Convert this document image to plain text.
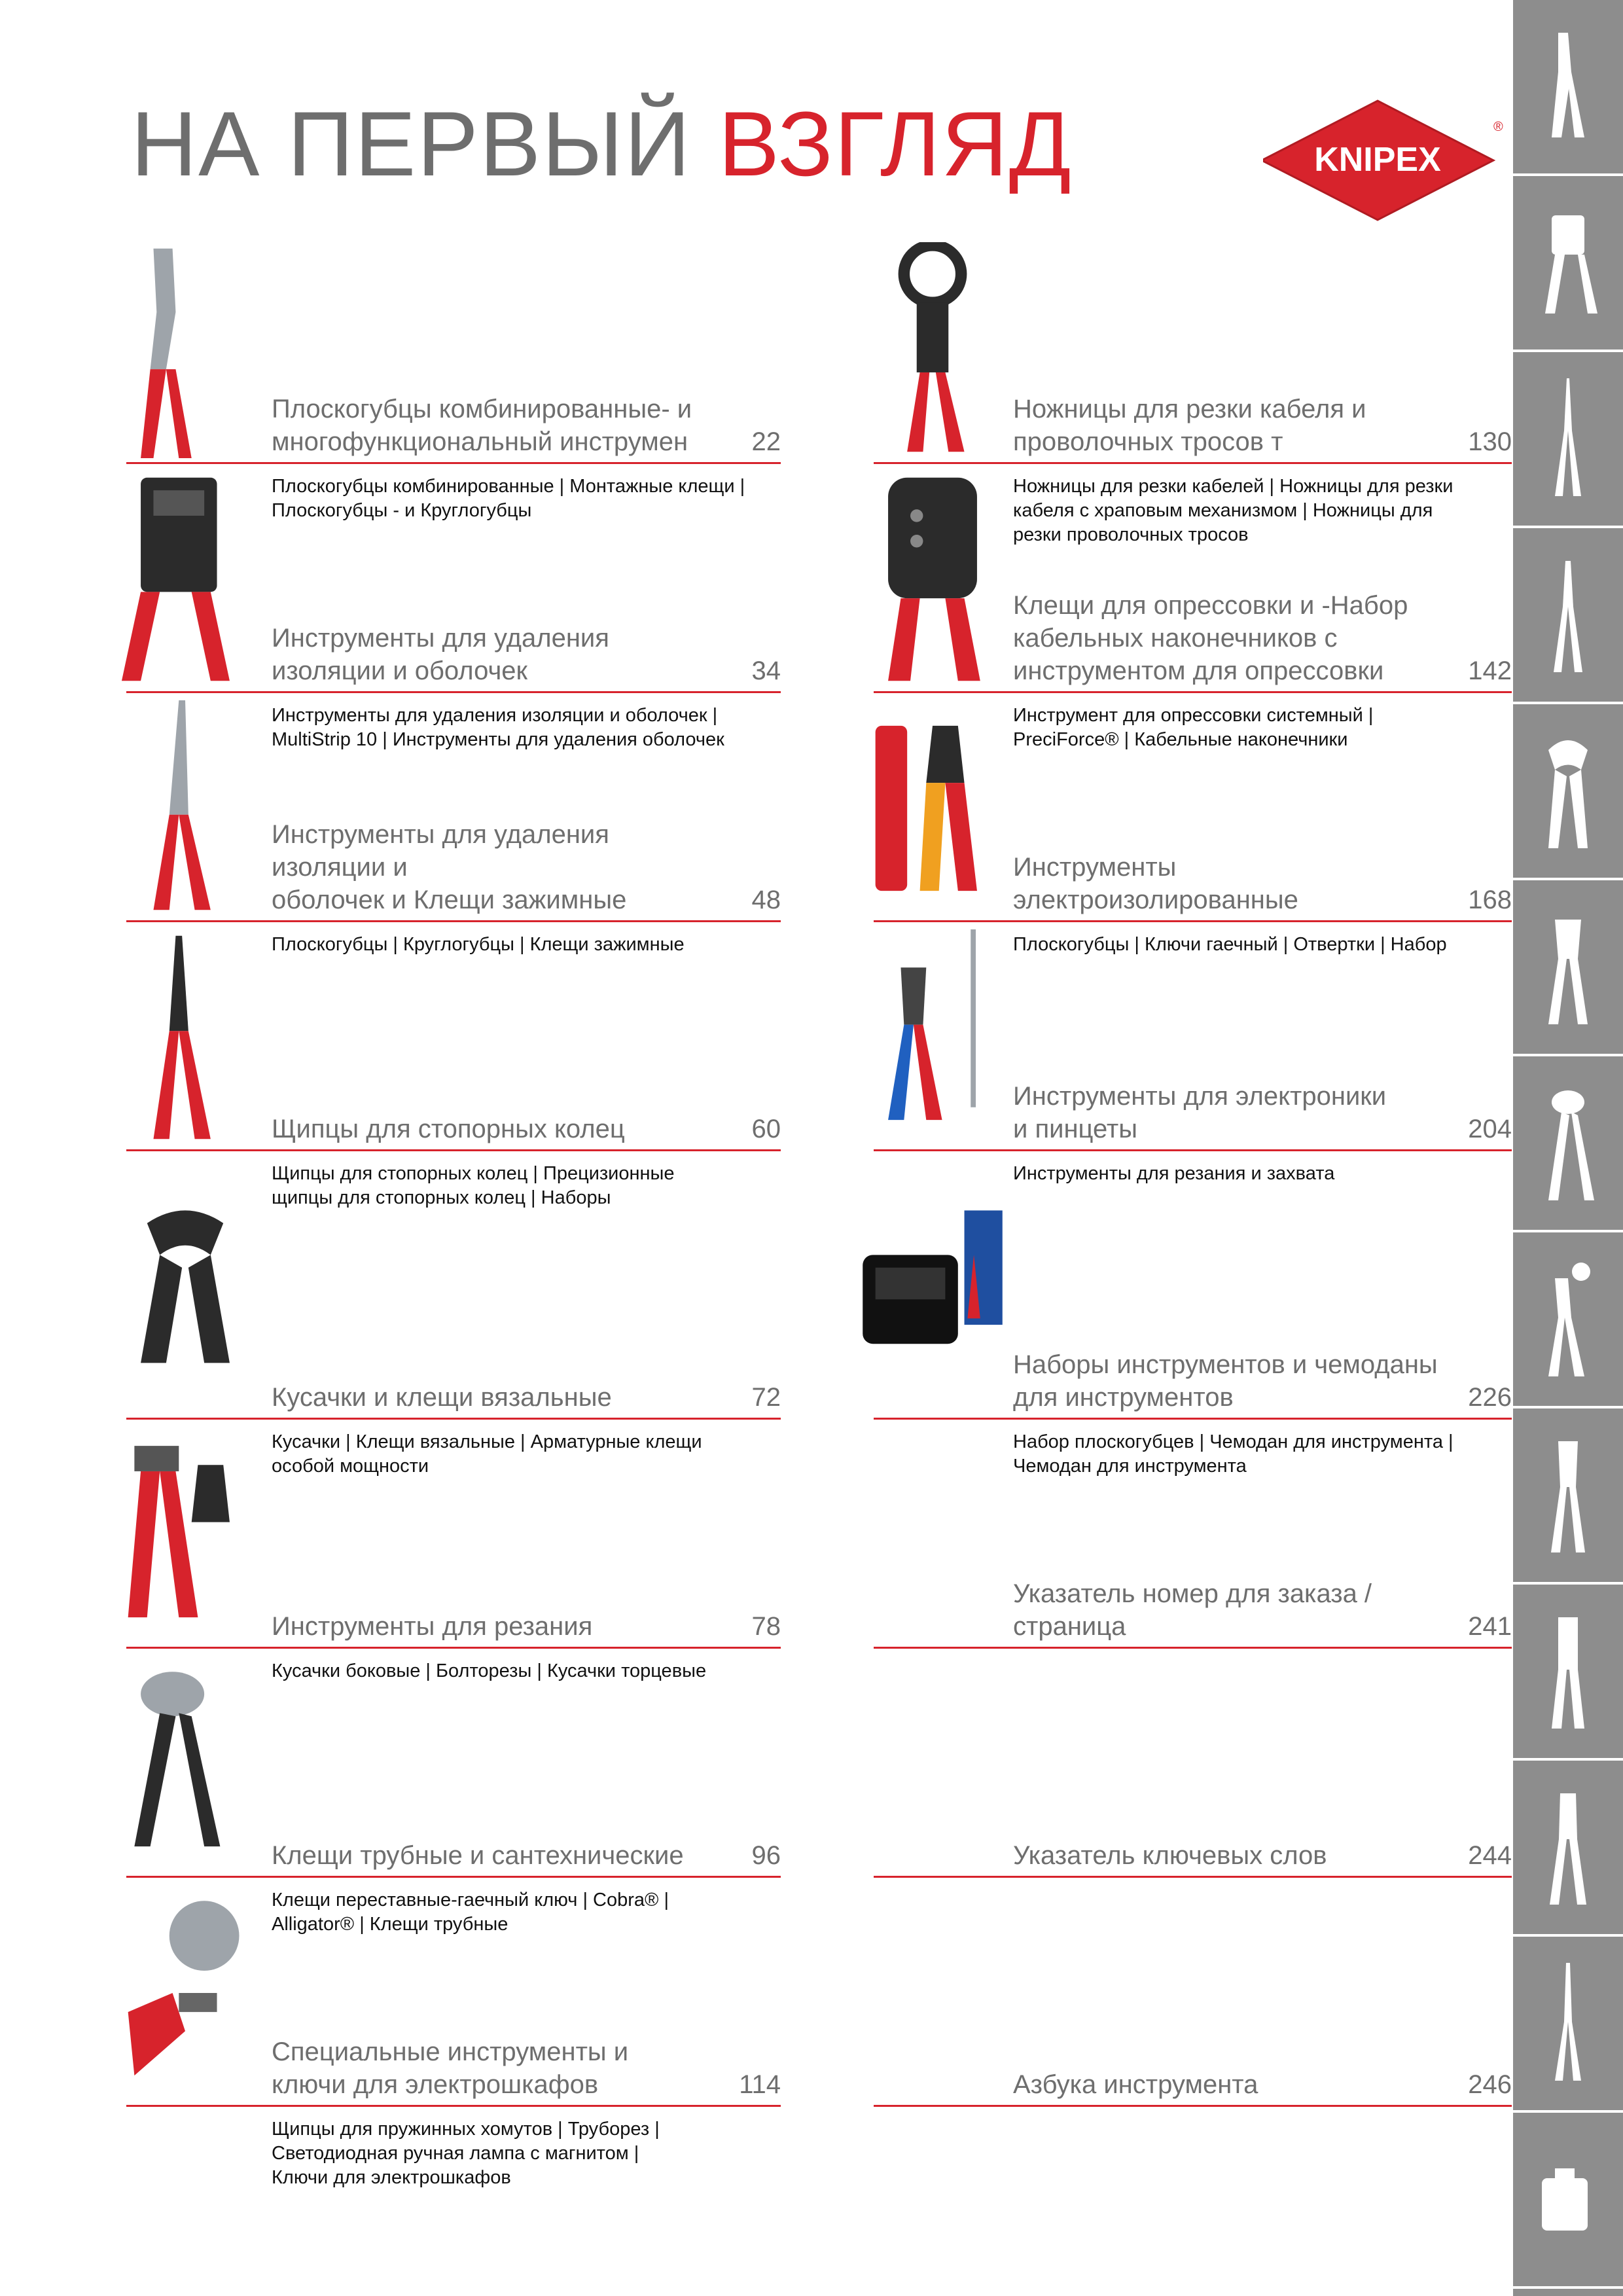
НА ПЕРВЫЙ ВЗГЛЯД	KNIPEX
®
Плоскогубцы комбинированные- и
многофункциональный инструмен	22
Плоскогубцы комбинированные | Монтажные клещи |
Плоскогубцы - и Круглогубцы
Инструменты для удаления
изоляции и оболочек	34
Инструменты для удаления изоляции и оболочек |
MultiStrip 10 | Инструменты для удаления оболочек
Инструменты для удаления изоляции и
оболочек и Клещи зажимные	48
Плоскогубцы | Круглогубцы | Клещи зажимные
Щипцы для стопорных колец	60
Щипцы для стопорных колец | Прецизионные
щипцы для стопорных колец | Наборы
Кусачки и клещи вязальные	72
Кусачки | Клещи вязальные | Арматурные клещи
особой мощности
Инструменты для резания	78
Кусачки боковые | Болторезы | Кусачки торцевые
Клещи трубные и сантехнические	96
Клещи переставные-гаечный ключ | Cobra® |
Alligator® | Клещи трубные
Специальные инструменты и
ключи для электрошкафов	114
Щипцы для пружинных хомутов | Труборез |
Светодиодная ручная лампа с магнитом |
Ключи для электрошкафов
Ножницы для резки кабеля и
проволочных тросов т	130
Ножницы для резки кабелей | Ножницы для резки
кабеля с храповым механизмом | Ножницы для
резки проволочных тросов
Клещи для опрессовки и -Набор
кабельных наконечников с
инструментом для опрессовки	142
Инструмент для опрессовки системный |
PreciForce® | Кабельные наконечники
Инструменты
электроизолированные	168
Плоскогубцы | Ключи гаечный | Отвертки | Набор
Инструменты для электроники
и пинцеты	204
Инструменты для резания и захвата
Наборы инструментов и чемоданы
для инструментов	226
Набор плоскогубцев | Чемодан для инструмента |
Чемодан для инструмента
Указатель номер для заказа /
страница	241
Указатель ключевых слов	244
Азбука инструмента	246
